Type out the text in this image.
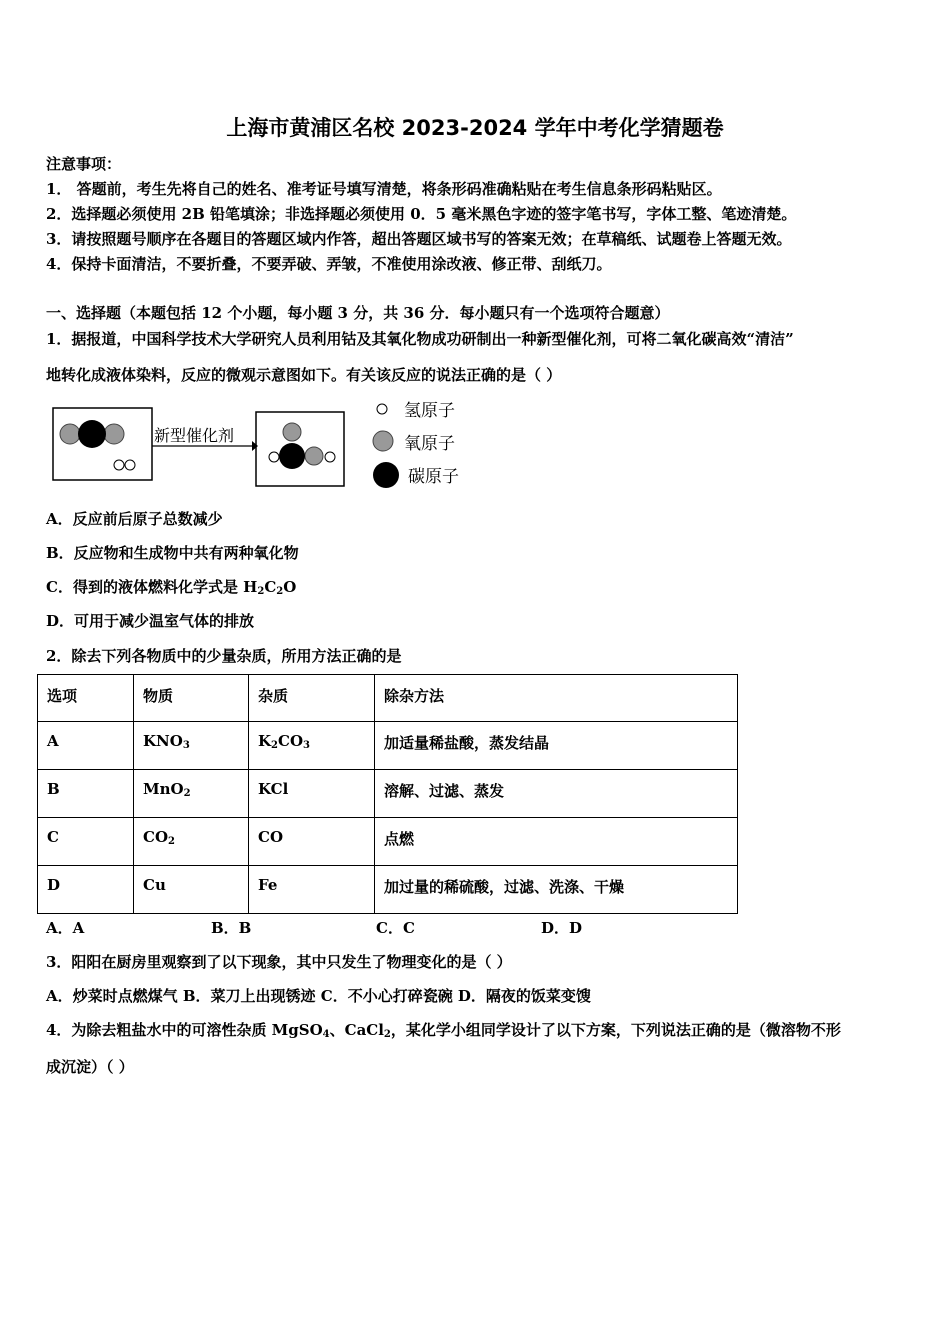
上海市黄浦区名校 2023-2024 学年中考化学猜题卷
注意事项：
1． 答题前，考生先将自己的姓名、准考证号填写清楚，将条形码准确粘贴在考生信息条形码粘贴区。
2．选择题必须使用 2B 铅笔填涂；非选择题必须使用 0．5 毫米黑色字迹的签字笔书写，字体工整、笔迹清楚。
3．请按照题号顺序在各题目的答题区域内作答，超出答题区域书写的答案无效；在草稿纸、试题卷上答题无效。
4．保持卡面清洁，不要折叠，不要弄破、弄皱，不准使用涂改液、修正带、刮纸刀。
一、选择题（本题包括 12 个小题，每小题 3 分，共 36 分．每小题只有一个选项符合题意）
1．据报道，中国科学技术大学研究人员利用钴及其氧化物成功研制出一种新型催化剂，可将二氧化碳高效“清洁”
地转化成液体染料，反应的微观示意图如下。有关该反应的说法正确的是（ ）
新型催化剂
氢原子
氧原子
碳原子
A．反应前后原子总数减少
B．反应物和生成物中共有两种氧化物
C．得到的液体燃料化学式是 $H_2C_2O$
D．可用于减少温室气体的排放
2．除去下列各物质中的少量杂质，所用方法正确的是
选项	物质	杂质	除杂方法
A	$KNO_3$	$K_2CO_3$	加适量稀盐酸，蒸发结晶
B	MnO$_2$	KCl	溶解、过滤、蒸发
C	$CO_2$	CO	点燃
D	Cu	Fe	加过量的稀硫酸，过滤、洗涤、干燥
A．A	B．B	C．C	D．D
3．阳阳在厨房里观察到了以下现象，其中只发生了物理变化的是（ ）
A．炒菜时点燃煤气 B．菜刀上出现锈迹 C．不小心打碎瓷碗 D．隔夜的饭菜变馊
4．为除去粗盐水中的可溶性杂质 MgSO$_4$、CaCl$_2$，某化学小组同学设计了以下方案，下列说法正确的是（微溶物不形
成沉淀）（ ）
